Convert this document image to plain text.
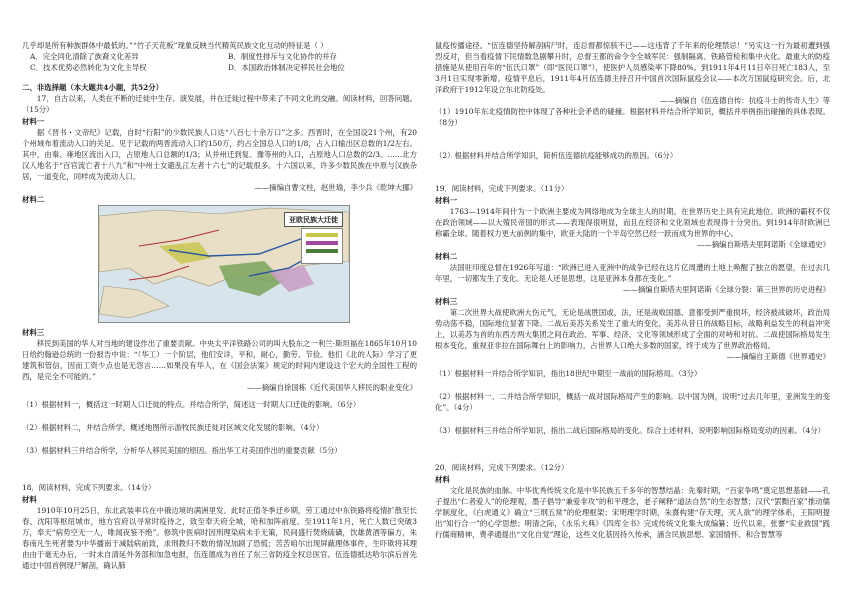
几乎却是所有种族群体中最低的。”“竹子天花板”现象反映当代精英民族文化互动的特征是（ ）

A．完全同化清除了族裔文化差异	B．制度性排斥与文化协作的并存
C．技术优势必然转化为文化主导权	D．本国政治体制决定移民社会地位
二、非选择题（本大题共4小题，共52分）

17．自古以来，人类在不断的迁徙中生存、演发展，并在迁徙过程中带来了不同文化的交融。阅读材料，回答问题。（15分）

材料一

据《晋书・文帝纪》记载，自时“行阳”的少数民族人口达“八百七十余万口”之多。西晋时，在全国设21个州，有20个州域布着流动入口的关足。见于记载的两晋流动入口约150万，约占全国总人口的1/8，占入口输出区总数的1/2左右。其中，由秦、雍地区流出入口，占原地人口总额的1/3；从并州迁到复、豫等州的人口，占原地人口总数的2/3。……北方汉人地名于“百官流亡者十八九”和“中州士女避乱江左者十六七”的记载很多。十六国以来，许多少数民族在中原与汉族杂居，一道变化，同样成为流动人口。

——摘编自曹文柱，赵世瑜，李少兵《乾坤大挪》
材料二
亚欧民族大迁徙
材料三

移民到美国的华人对当地的建设作出了重要贡献。中央太平洋铁路公司的叫大股东之一利兰·斯坦福在1865年10月10日给约翰逊总统的一份报告中说：“（华工）一个阶层，他们安详，平和，耐心，勤劳、节俭。他们《北的人际》学习了更建筑和管信，因而工资少点也是无怨言……如果没有华人，在《国会法案》规定的时间内建设这个宏大的全国性工程的西，是完全不可能的。”

——摘编自徐国栋《近代美国华人移民的职业变化》

（1）根据材料一，概括这一时期人口迁徙的特点。并结合所学，简述这一时期人口迁徙的影响。（6分）

（2）根据材料二，并结合所学，概述地图所示游牧民族迁徙对区域文化发展的影响。（4分）

（3）根据材料三并结合所学，分析华人移民美国的原因。指出华工对美国作出的重要贡献（5分）

18．阅读材料，完成下列要求。（14分）

材料

1910年10月25日，东北武装率兵在中俄边境的满洲里发。此时正值冬季迁乡期，劳工通过中东铁路将疫情扩散至长春、沈阳等枢纽城市，地方官府以寻常时疫待之，致至奉天府全城，哈和加阵前度。至1911年1月，死亡人数已突破3万，奉天“病势空无一人，唯闻夜鉴不绝”。修筑中医病时因刑理染病未手无策，民间盛行焚烧硫磺，饮雄黄酒等偏方，朱春南凡生死者要为中华播南于减陆病前致，求刑教归不数的情况加剧了恐慌；苦苦咱尔出现屏蔽理体事件，生吓欺将其理由由于毫无办后，一时未自清延外务部和加急电报，伍连德成为首任了东三省防疫全权总医官。伍连德抵达哈尔滨后首先通过中国首例现尸解剖，确认肺

鼠疫传播途径。“伍连德坚持解剖病尸时，连总督都惊骇不已——这违背了千年来的伦理禁忌！”另实这一行为最初遭到强烈反对，但当看疫情下民情数急剧攀升时，总督王都的命令令全城军民：强制隔离、铁路管检和集中火化。最重大的防疫措施是从使用百年的“伍氏口罩”（即“医民口罩”），使医护人员感染率下降80%。到1911年4月11日卒日死亡183人，至3月1日实现零新增。疫情平息后，1911年4月伍连德主持召开中国首次国际鼠疫会议——本次万国鼠疫研究会。后，北洋政府于1912年设立东北防疫处。

——摘编自《伍连德自传：抗疫斗士的传奇人生》等

（1）1910年东北疫情防控中体现了各种社会矛盾的碰撞。根据材料并结合所学知识，概括并举例指出碰撞的具体表现。（8分）

（2）根据材料并结合所学知识，简析伍连德抗疫能够成功的原因。（6分）

19．阅读材料，完成下列要求。（11分）

材料一

1763—1914年间什为一个欧洲主要成为网络地成为全球主人的时期。在世界历史上具有完此地位。欧洲的霸权不仅在政治领域——以大殖民帝国的形式——表现得很明显，而且在经济和文化领域也表现得十分突出。到1914年时欧洲已称霸全球。随着权力更大前例的集中，欧亚大陆的一个半岛空然已经一跃而成为世界的中心。

——摘编自斯塔夫里阿诺斯《全球通史》
材料二

法国驻印度总督在1926年写道：“欧洲已进入亚洲中的战争已经在这片亿周遭的土地上唤醒了独立的愿望，在过去几年里，一切都发生了变化。无论是人还是思想，这是亚洲本身都在变化。”

——摘编自斯塔夫里阿诺斯《全球分裂：第三世界的历史进程》
材料三

第二次世界大战使欧洲大伤元气，无论是战胜国或，法，还是战败国德、意都受到严重损坏，经济被战破坏，政治局势动荡不稳，国际地位显著下降。二战后美苏关系发生了重大的变化，美苏从昔日的战略目标，战略利益发生的利益冲突上，以美苏为首的东西方两大集团之间在政治、军事、经济、文化等领域形成了全面的对峙和对抗。二战使国际格局发生根本变化，重视亚非拉在国际舞台上的影响力，占世界人口绝大多数的国家，终于成为了世界政治格局。

——摘编自王斯德《世界通史》

（1）根据材料一并结合所学知识，指出18世纪中期至一战前的国际格局。（3分）

（2）根据材料一、二并结合所学知识，概括一战对国际格局产生的影响。以中国为例，说明“过去几年里，亚洲发生的变化”。（4分）

（3）根据材料三并结合所学知识，指出二战后国际格局的变化。综合上述材料，说明影响国际格局变动的因素。（4分）

20．阅读材料，完成下列要求。（12分）

材料

文化是民族的血脉。中华优秀传统文化是中华民族五千多年的智慧结晶：先秦时期，“百家争鸣”奠定思想基础——孔子提出“仁者爱人”的伦理观，墨子倡导“兼爱非攻”的和平理念，老子阐释“道法自然”的生态智慧；汉代“罢黜百家”推动儒学制度化，《白虎通义》确立“三纲五常”的伦理框架；宋明理学时期，朱熹构建“存天理，灭人欲”的理学体系，王阳明提出“知行合一”的心学思想；明清之际，《永乐大典》《四库全书》完成传统文化集大成编纂；近代以来，张謇“实业救国”践行儒商精神，费孝通提出“文化自觉”理论，这些文化基因持久传承，涵含民族思想、家国情怀、和合智慧等
